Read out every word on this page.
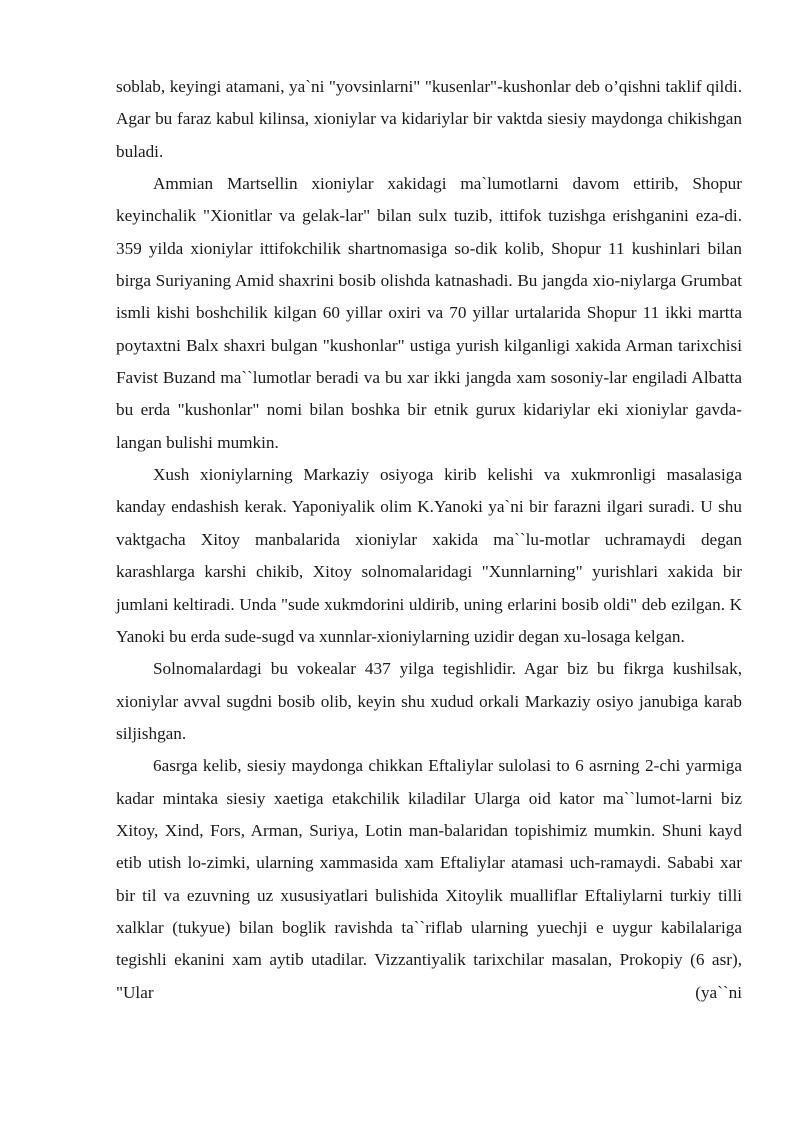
soblab, keyingi atamani, ya`ni "yovsinlarni" "kusenlar"-kushonlar deb o’qishni taklif qildi. Agar bu faraz kabul kilinsa, xioniylar va kidariylar bir vaktda siesiy maydonga chikishgan buladi.

Ammian Martsellin xioniylar xakidagi ma`lumotlarni davom ettirib, Shopur keyinchalik "Xionitlar va gelak-lar" bilan sulx tuzib, ittifok tuzishga erishganini eza-di. 359 yilda xioniylar ittifokchilik shartnomasiga so-dik kolib, Shopur 11 kushinlari bilan birga Suriyaning Amid shaxrini bosib olishda katnashadi. Bu jangda xio-niylarga Grumbat ismli kishi boshchilik kilgan 60 yillar oxiri va 70 yillar urtalarida Shopur 11 ikki martta poytaxtni Balx shaxri bulgan "kushonlar" ustiga yurish kilganligi xakida Arman tarixchisi Favist Buzand ma``lumotlar beradi va bu xar ikki jangda xam sosoniy-lar engiladi Albatta bu erda "kushonlar" nomi bilan boshka bir etnik gurux kidariylar eki xioniylar gavda-langan bulishi mumkin.

Xush xioniylarning Markaziy osiyoga kirib kelishi va xukmronligi masalasiga kanday endashish kerak. Yaponiyalik olim K.Yanoki ya`ni bir farazni ilgari suradi. U shu vaktgacha Xitoy manbalarida xioniylar xakida ma``lu-motlar uchramaydi degan karashlarga karshi chikib, Xitoy solnomalaridagi "Xunnlarning" yurishlari xakida bir jumlani keltiradi. Unda "sude xukmdorini uldirib, uning erlarini bosib oldi" deb ezilgan. K Yanoki bu erda sude-sugd va xunnlar-xioniylarning uzidir degan xu-losaga kelgan.

Solnomalardagi bu vokealar 437 yilga tegishlidir. Agar biz bu fikrga kushilsak, xioniylar avval sugdni bosib olib, keyin shu xudud orkali Markaziy osiyo janubiga karab siljishgan.

6asrga kelib, siesiy maydonga chikkan Eftaliylar sulolasi to 6 asrning 2-chi yarmiga kadar mintaka siesiy xaetiga etakchilik kiladilar Ularga oid kator ma``lumot-larni biz Xitoy, Xind, Fors, Arman, Suriya, Lotin man-balaridan topishimiz mumkin. Shuni kayd etib utish lo-zimki, ularning xammasida xam Eftaliylar atamasi uch-ramaydi. Sababi xar bir til va ezuvning uz xususiyatlari bulishida Xitoylik mualliflar Eftaliylarni turkiy tilli xalklar (tukyue) bilan boglik ravishda ta``riflab ularning yuechji e uygur kabilalariga tegishli ekanini xam aytib utadilar. Vizzantiyalik tarixchilar masalan, Prokopiy (6 asr), "Ular (ya``ni
